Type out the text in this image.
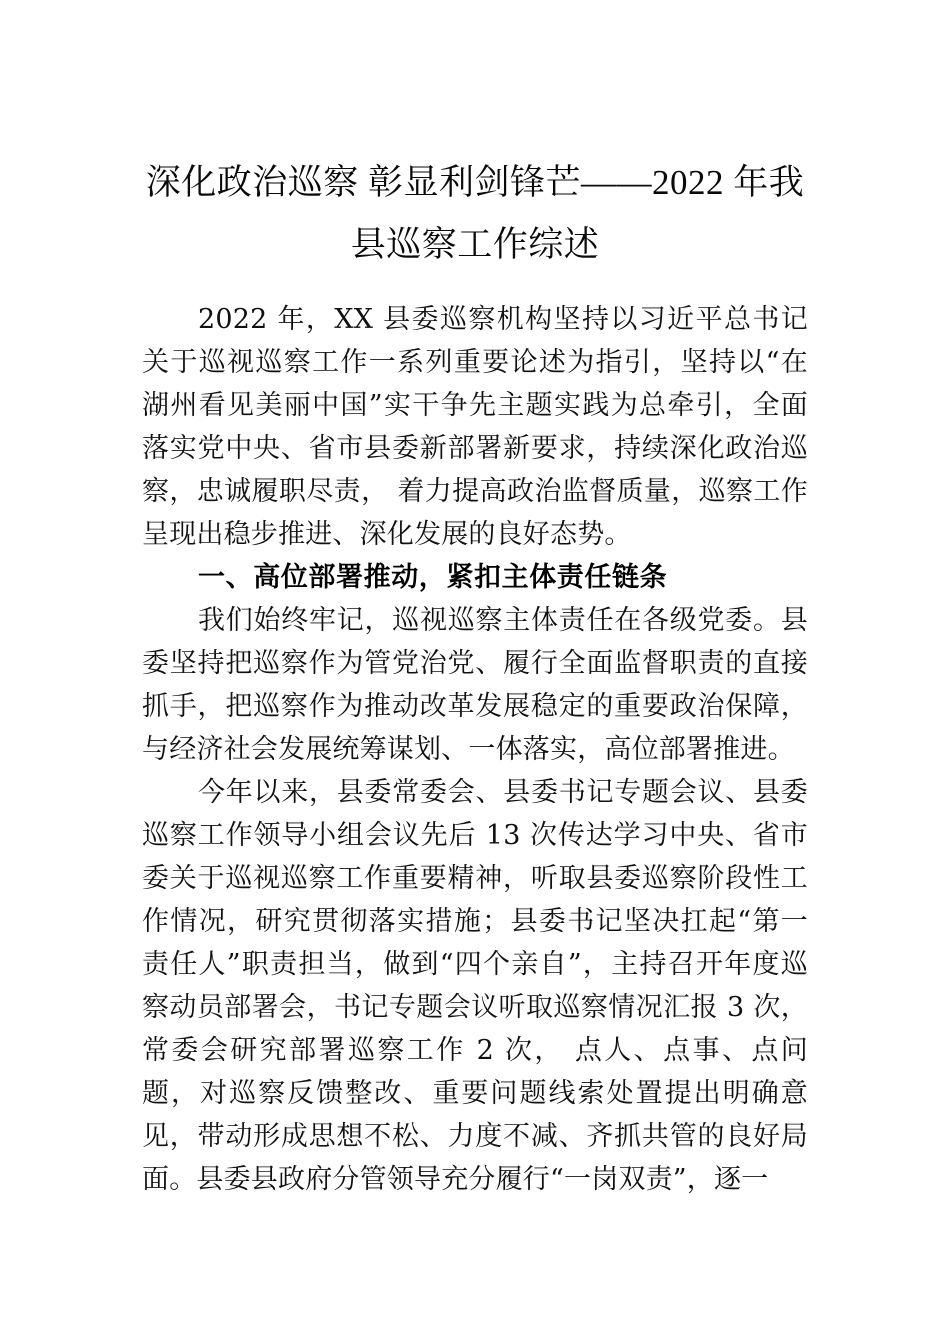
深化政治巡察 彰显利剑锋芒——2022 年我县巡察工作综述

2022 年，XX 县委巡察机构坚持以习近平总书记关于巡视巡察工作一系列重要论述为指引，坚持以“在湖州看见美丽中国”实干争先主题实践为总牵引，全面落实党中央、省市县委新部署新要求，持续深化政治巡察，忠诚履职尽责， 着力提高政治监督质量，巡察工作呈现出稳步推进、深化发展的良好态势。

一、高位部署推动，紧扣主体责任链条

我们始终牢记，巡视巡察主体责任在各级党委。县委坚持把巡察作为管党治党、履行全面监督职责的直接抓手，把巡察作为推动改革发展稳定的重要政治保障，与经济社会发展统筹谋划、一体落实，高位部署推进。

今年以来，县委常委会、县委书记专题会议、县委巡察工作领导小组会议先后 13 次传达学习中央、省市委关于巡视巡察工作重要精神，听取县委巡察阶段性工作情况，研究贯彻落实措施；县委书记坚决扛起“第一责任人”职责担当，做到“四个亲自”，主持召开年度巡察动员部署会，书记专题会议听取巡察情况汇报 3 次，常委会研究部署巡察工作 2 次， 点人、点事、点问题，对巡察反馈整改、重要问题线索处置提出明确意见，带动形成思想不松、力度不减、齐抓共管的良好局面。县委县政府分管领导充分履行“一岗双责”，逐一
